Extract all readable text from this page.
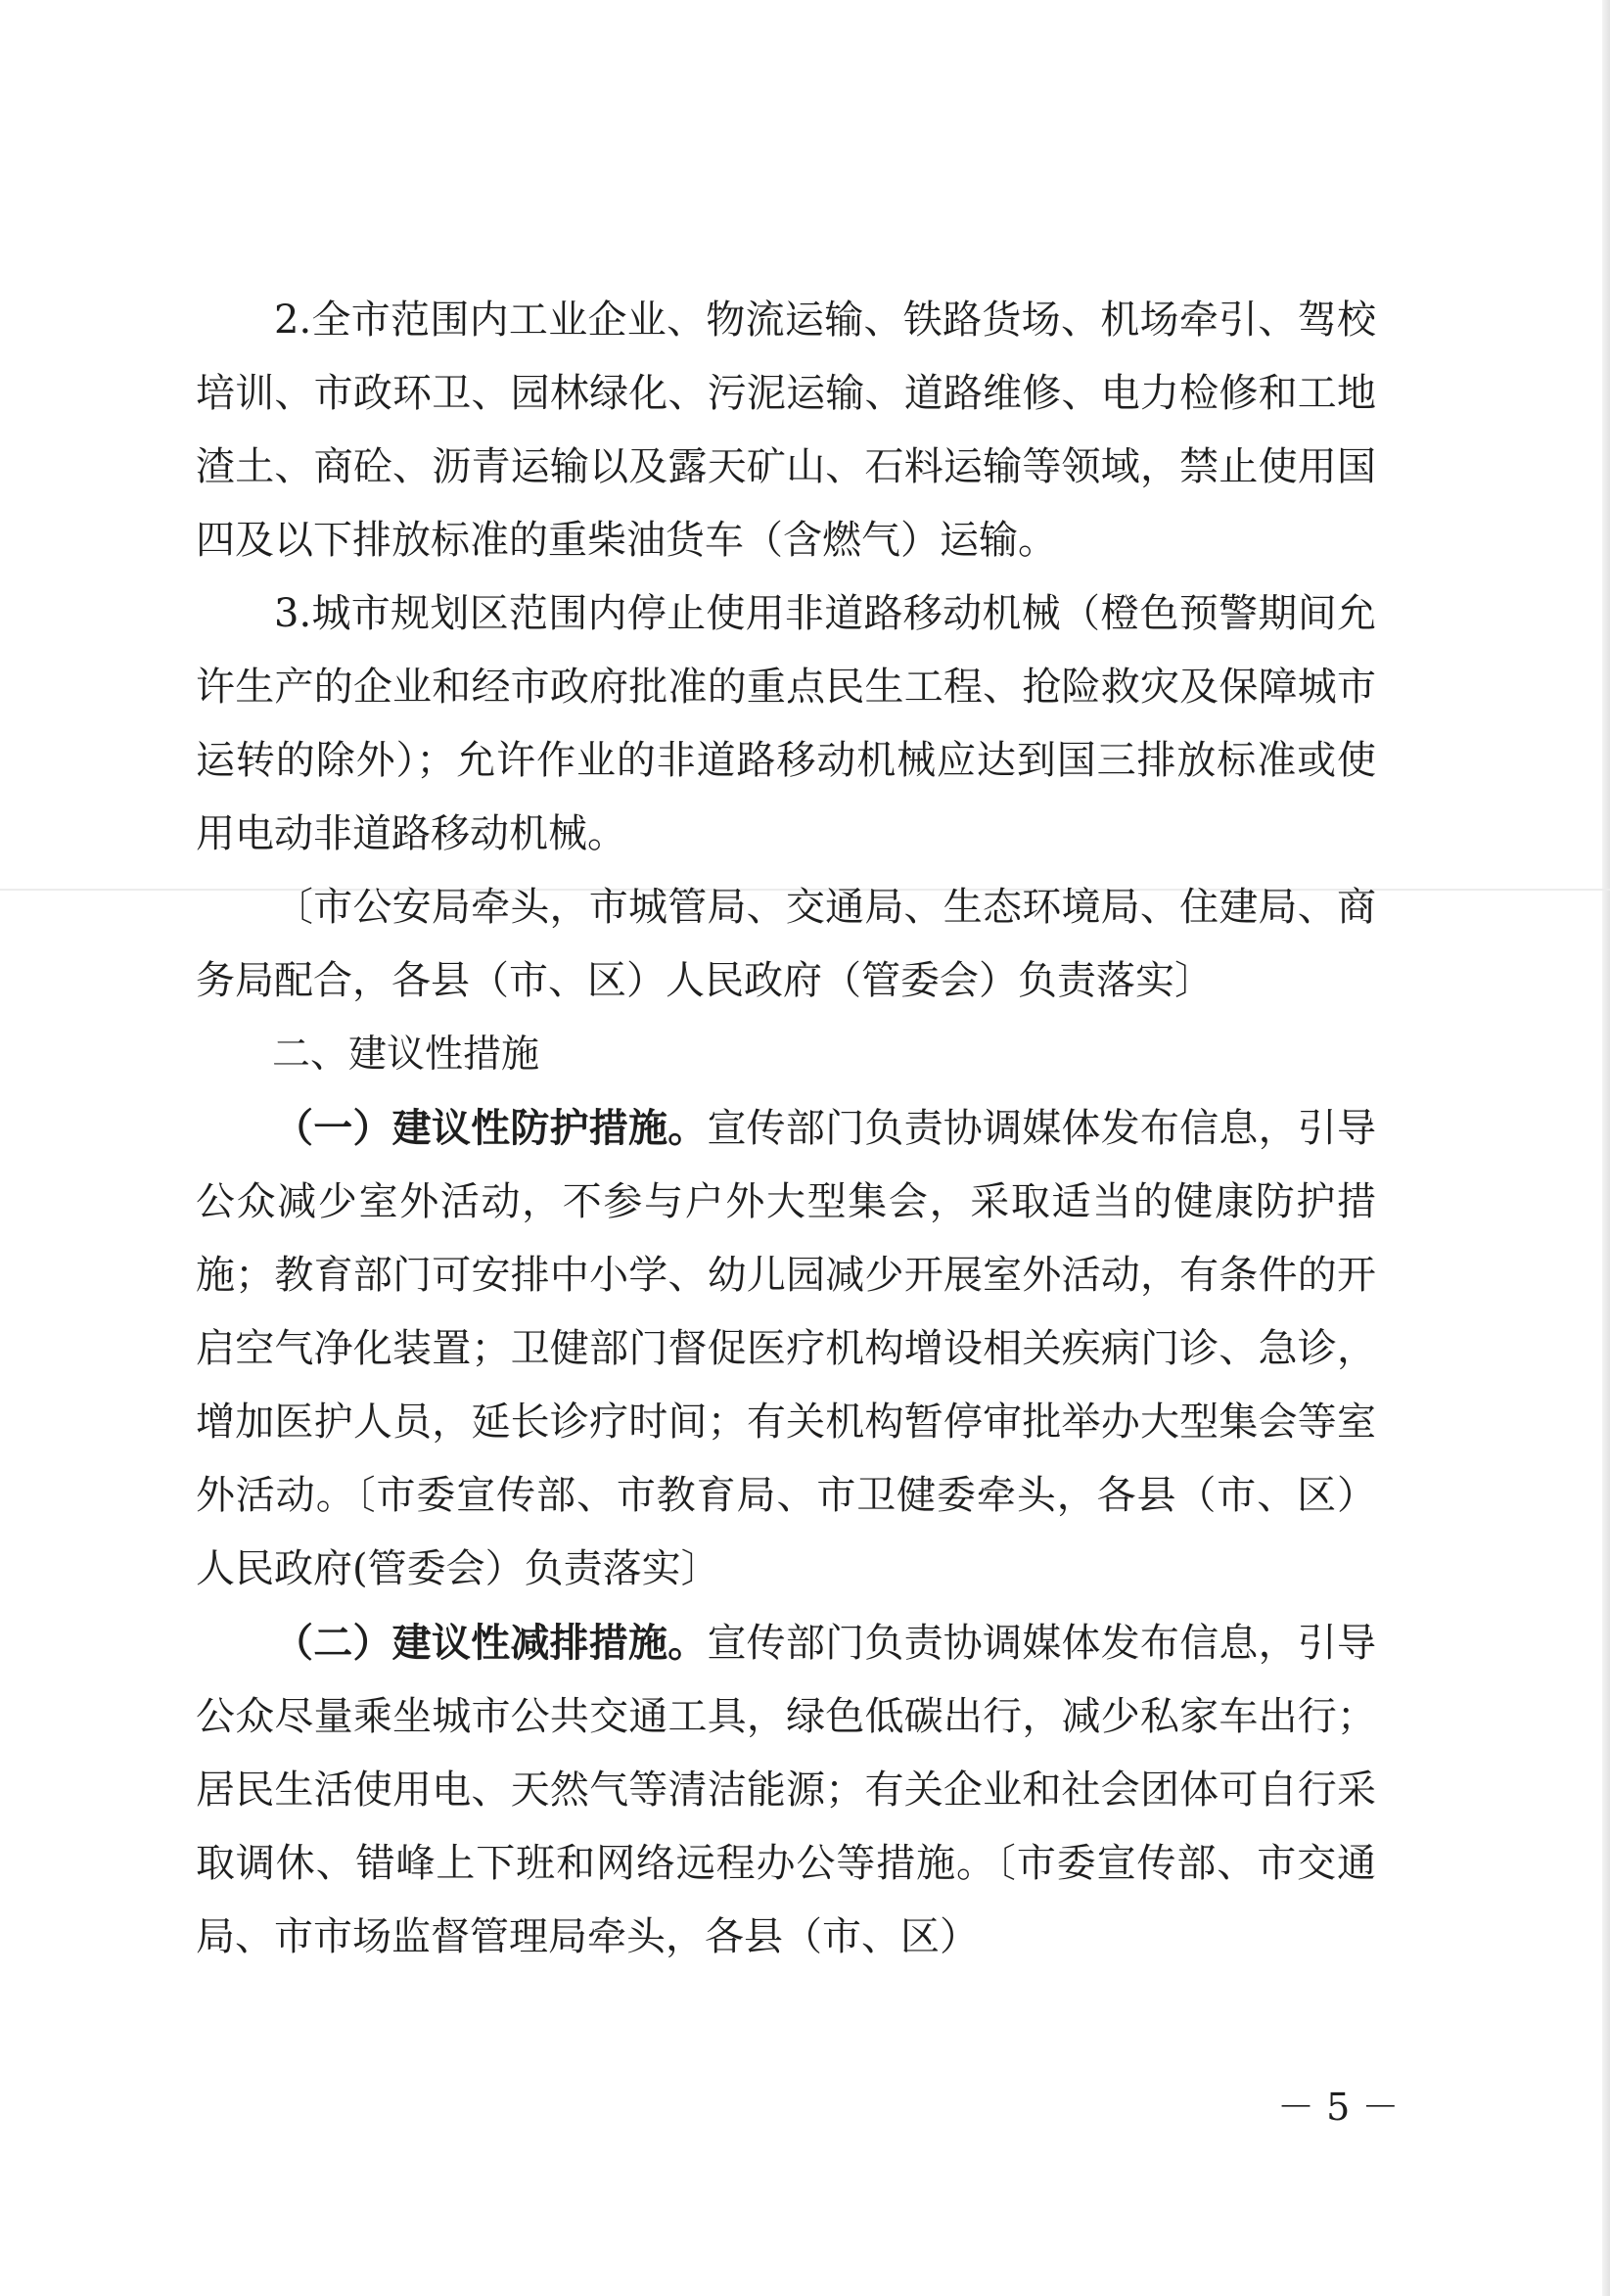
2.全市范围内工业企业、物流运输、铁路货场、机场牵引、驾校培训、市政环卫、园林绿化、污泥运输、道路维修、电力检修和工地渣土、商砼、沥青运输以及露天矿山、石料运输等领域，禁止使用国四及以下排放标准的重柴油货车（含燃气）运输。

3.城市规划区范围内停止使用非道路移动机械（橙色预警期间允许生产的企业和经市政府批准的重点民生工程、抢险救灾及保障城市运转的除外）；允许作业的非道路移动机械应达到国三排放标准或使用电动非道路移动机械。

〔市公安局牵头，市城管局、交通局、生态环境局、住建局、商务局配合，各县（市、区）人民政府（管委会）负责落实〕

二、建议性措施

（一）建议性防护措施。宣传部门负责协调媒体发布信息，引导公众减少室外活动，不参与户外大型集会，采取适当的健康防护措施；教育部门可安排中小学、幼儿园减少开展室外活动，有条件的开启空气净化装置；卫健部门督促医疗机构增设相关疾病门诊、急诊，增加医护人员，延长诊疗时间；有关机构暂停审批举办大型集会等室外活动。〔市委宣传部、市教育局、市卫健委牵头，各县（市、区）人民政府(管委会）负责落实〕

（二）建议性减排措施。宣传部门负责协调媒体发布信息，引导公众尽量乘坐城市公共交通工具，绿色低碳出行，减少私家车出行；居民生活使用电、天然气等清洁能源；有关企业和社会团体可自行采取调休、错峰上下班和网络远程办公等措施。〔市委宣传部、市交通局、市市场监督管理局牵头，各县（市、区）

－ 5 －
